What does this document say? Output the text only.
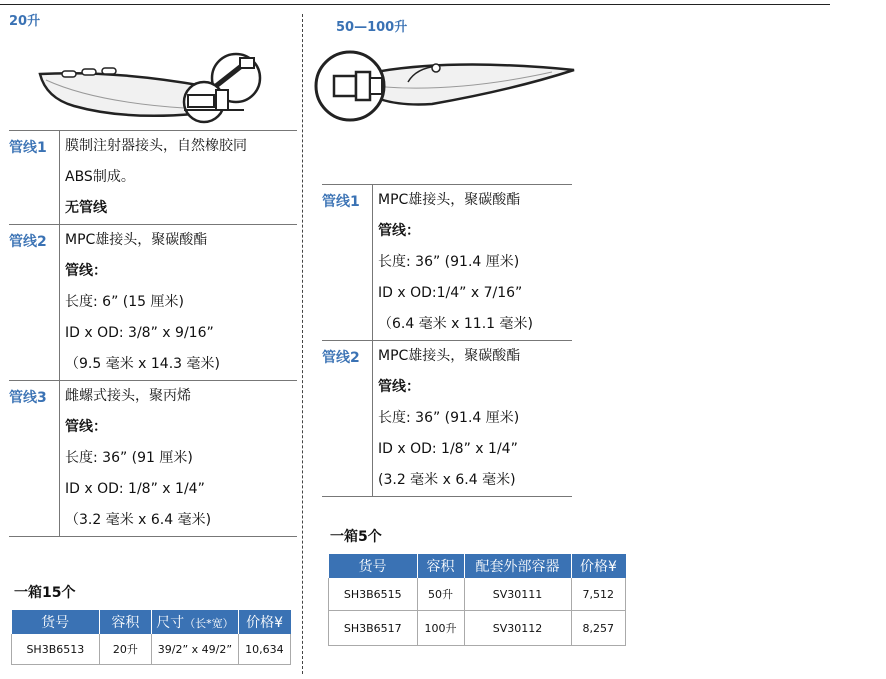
20升
管线1	膜制注射器接头，自然橡胶同
ABS制成。
无管线
管线2	MPC雄接头，聚碳酸酯
管线：
长度: 6” (15 厘米)
ID x OD: 3/8” x 9/16”
（9.5 毫米 x 14.3 毫米)
管线3	雌螺式接头，聚丙烯
管线：
长度: 36” (91 厘米)
ID x OD: 1/8” x 1/4”
（3.2 毫米 x 6.4 毫米)
一箱15个
货号	容积	尺寸（长*宽）	价格¥
SH3B6513	20升	39/2” x 49/2”	10,634
50—100升
管线1	MPC雄接头，聚碳酸酯
管线：
长度: 36” (91.4 厘米)
ID x OD:1/4” x 7/16”
（6.4 毫米 x 11.1 毫米)
管线2	MPC雄接头，聚碳酸酯
管线：
长度: 36” (91.4 厘米)
ID x OD: 1/8” x 1/4”
(3.2 毫米 x 6.4 毫米)
一箱5个
货号	容积	配套外部容器	价格¥
SH3B6515	50升	SV30111	7,512
SH3B6517	100升	SV30112	8,257
